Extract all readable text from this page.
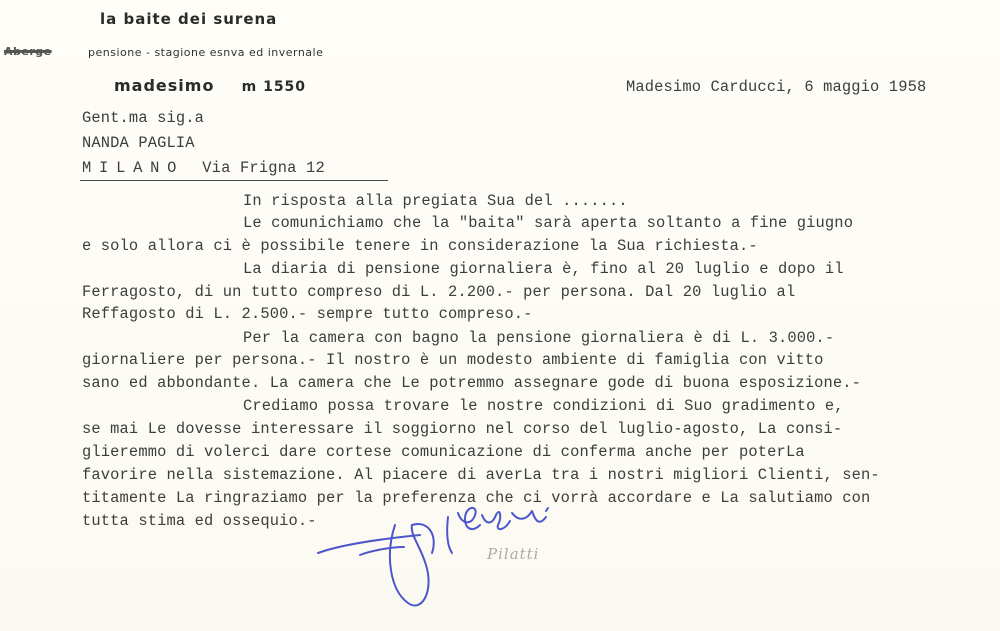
la baite dei surena
Aberge	pensione - stagione esnva ed invernale
madesimo m 1550	Madesimo Carducci, 6 maggio 1958
Gent.ma sig.a
NANDA PAGLIA
MILANO Via Frigna 12
In risposta alla pregiata Sua del .......
Le comunichiamo che la "baita" sarà aperta soltanto a fine giugno
e solo allora ci è possibile tenere in considerazione la Sua richiesta.-
La diaria di pensione giornaliera è, fino al 20 luglio e dopo il
Ferragosto, di un tutto compreso di L. 2.200.- per persona. Dal 20 luglio al
Reffagosto di L. 2.500.- sempre tutto compreso.-
Per la camera con bagno la pensione giornaliera è di L. 3.000.-
giornaliere per persona.- Il nostro è un modesto ambiente di famiglia con vitto
sano ed abbondante. La camera che Le potremmo assegnare gode di buona esposizione.-
Crediamo possa trovare le nostre condizioni di Suo gradimento e,
se mai Le dovesse interessare il soggiorno nel corso del luglio-agosto, La consi-
glieremmo di volerci dare cortese comunicazione di conferma anche per poterLa
favorire nella sistemazione. Al piacere di averLa tra i nostri migliori Clienti, sen-
titamente La ringraziamo per la preferenza che ci vorrà accordare e La salutiamo con
tutta stima ed ossequio.-
Pilatti
